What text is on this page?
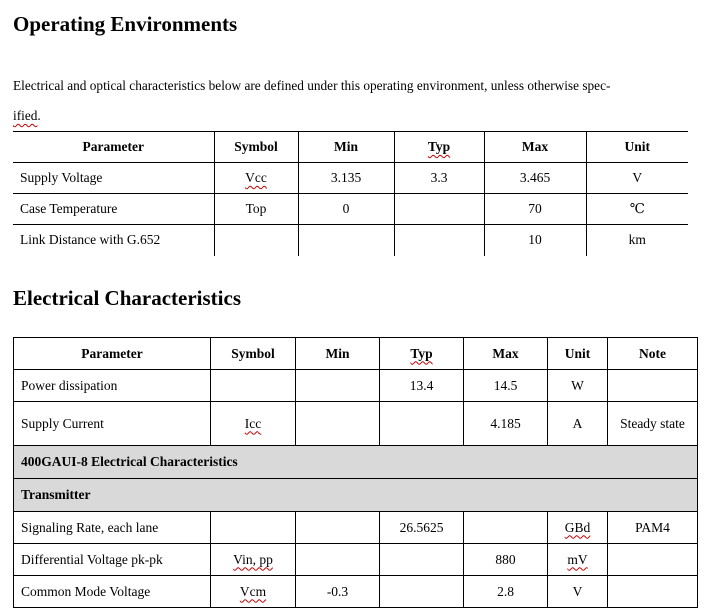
Operating Environments
Electrical and optical characteristics below are defined under this operating environment, unless otherwise spec-
ified.
Parameter	Symbol	Min	Typ	Max	Unit
Supply Voltage	Vcc	3.135	3.3	3.465	V
Case Temperature	Top	0		70	℃
Link Distance with G.652				10	km
Electrical Characteristics
Parameter	Symbol	Min	Typ	Max	Unit	Note
Power dissipation			13.4	14.5	W	
Supply Current	Icc			4.185	A	Steady state
400GAUI-8 Electrical Characteristics						
Transmitter						
Signaling Rate, each lane			26.5625		GBd	PAM4
Differential Voltage pk-pk	Vin, pp			880	mV	
Common Mode Voltage	Vcm	-0.3		2.8	V	
